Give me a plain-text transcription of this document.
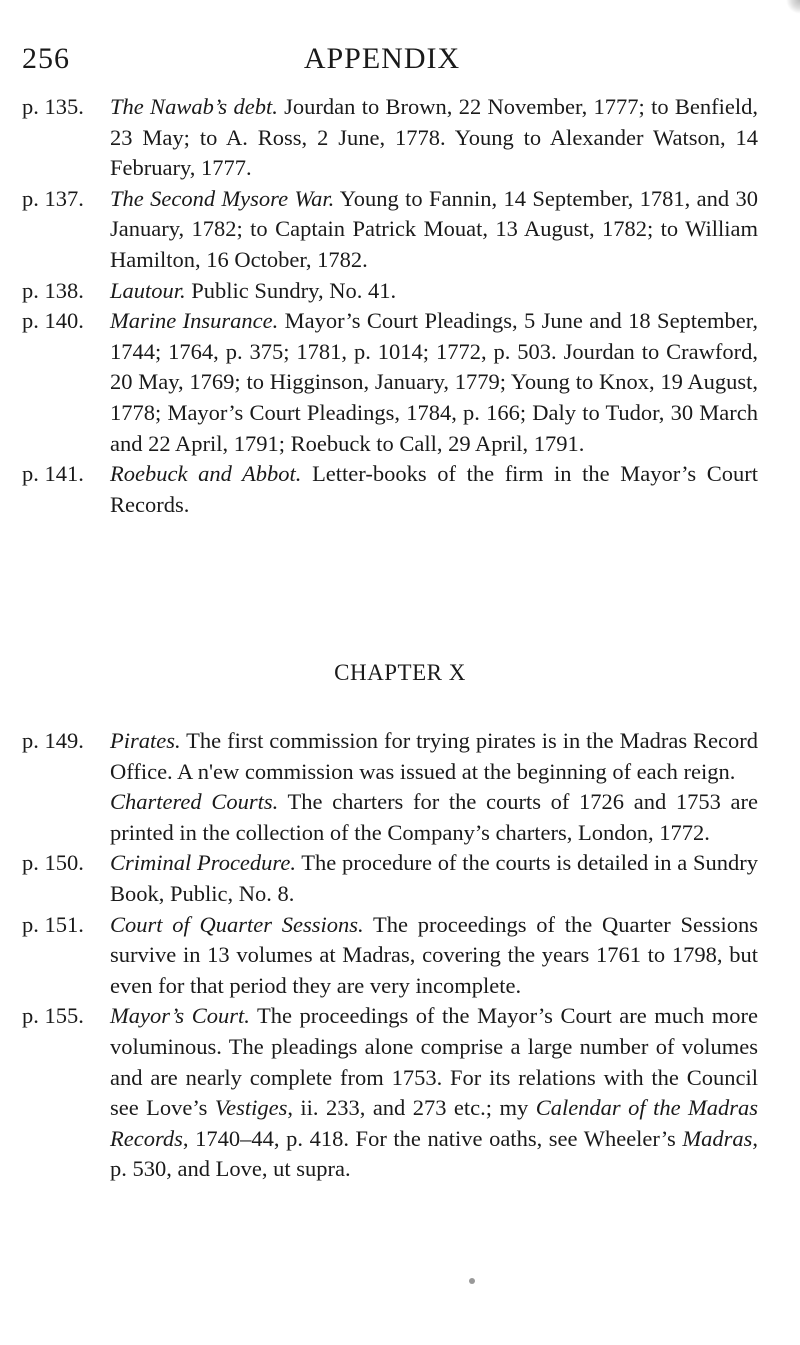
256	APPENDIX
p. 135.	The Nawab’s debt. Jourdan to Brown, 22 November, 1777; to Benfield, 23 May; to A. Ross, 2 June, 1778. Young to Alexander Watson, 14 February, 1777.

p. 137.	The Second Mysore War. Young to Fannin, 14 September, 1781, and 30 January, 1782; to Captain Patrick Mouat, 13 August, 1782; to William Hamilton, 16 October, 1782.

p. 138.	Lautour. Public Sundry, No. 41.

p. 140.	Marine Insurance. Mayor’s Court Pleadings, 5 June and 18 September, 1744; 1764, p. 375; 1781, p. 1014; 1772, p. 503. Jourdan to Crawford, 20 May, 1769; to Higginson, January, 1779; Young to Knox, 19 August, 1778; Mayor’s Court Pleadings, 1784, p. 166; Daly to Tudor, 30 March and 22 April, 1791; Roebuck to Call, 29 April, 1791.

p. 141.	Roebuck and Abbot. Letter-books of the firm in the Mayor’s Court Records.

CHAPTER X
p. 149.	Pirates. The first commission for trying pirates is in the Madras Record Office. A n'ew commission was issued at the beginning of each reign.

Chartered Courts. The charters for the courts of 1726 and 1753 are printed in the collection of the Company’s charters, London, 1772.

p. 150.	Criminal Procedure. The procedure of the courts is detailed in a Sundry Book, Public, No. 8.

p. 151.	Court of Quarter Sessions. The proceedings of the Quarter Sessions survive in 13 volumes at Madras, covering the years 1761 to 1798, but even for that period they are very incomplete.

p. 155.	Mayor’s Court. The proceedings of the Mayor’s Court are much more voluminous. The pleadings alone comprise a large number of volumes and are nearly complete from 1753. For its relations with the Council see Love’s Vestiges, ii. 233, and 273 etc.; my Calendar of the Madras Records, 1740–44, p. 418. For the native oaths, see Wheeler’s Madras, p. 530, and Love, ut supra.
